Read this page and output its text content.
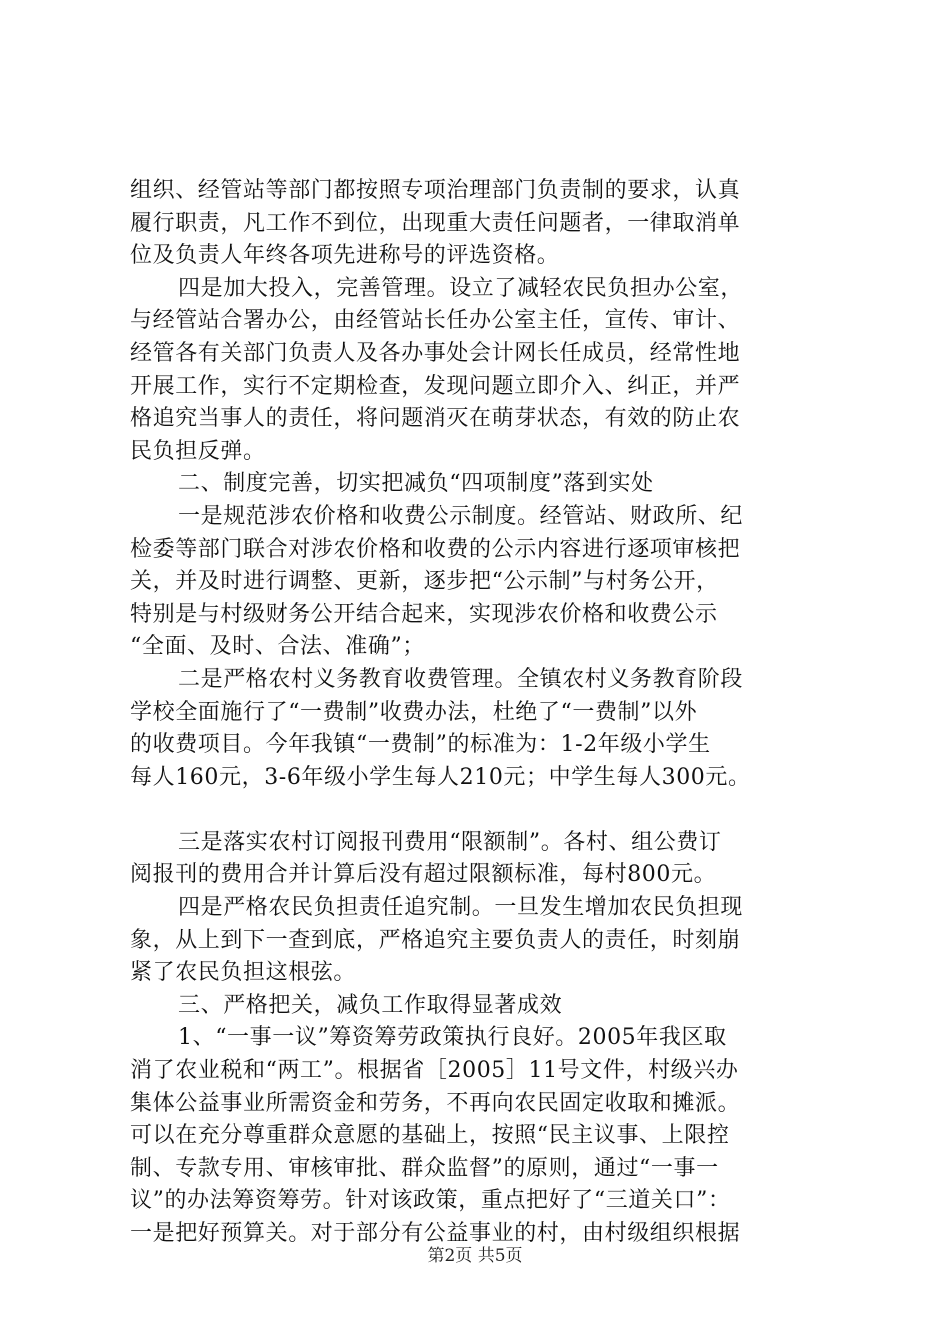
组织、经管站等部门都按照专项治理部门负责制的要求，认真
履行职责，凡工作不到位，出现重大责任问题者，一律取消单
位及负责人年终各项先进称号的评选资格。
四是加大投入，完善管理。设立了减轻农民负担办公室，
与经管站合署办公，由经管站长任办公室主任，宣传、审计、
经管各有关部门负责人及各办事处会计网长任成员，经常性地
开展工作，实行不定期检查，发现问题立即介入、纠正，并严
格追究当事人的责任，将问题消灭在萌芽状态，有效的防止农
民负担反弹。
二、制度完善，切实把减负“四项制度”落到实处
一是规范涉农价格和收费公示制度。经管站、财政所、纪
检委等部门联合对涉农价格和收费的公示内容进行逐项审核把
关，并及时进行调整、更新，逐步把“公示制”与村务公开，
特别是与村级财务公开结合起来，实现涉农价格和收费公示
“全面、及时、合法、准确”；
二是严格农村义务教育收费管理。全镇农村义务教育阶段
学校全面施行了“一费制”收费办法，杜绝了“一费制”以外
的收费项目。今年我镇“一费制”的标准为：1-2年级小学生
每人160元，3-6年级小学生每人210元；中学生每人300元。
三是落实农村订阅报刊费用“限额制”。各村、组公费订
阅报刊的费用合并计算后没有超过限额标准，每村800元。
四是严格农民负担责任追究制。一旦发生增加农民负担现
象，从上到下一查到底，严格追究主要负责人的责任，时刻崩
紧了农民负担这根弦。
三、严格把关，减负工作取得显著成效
1、“一事一议”筹资筹劳政策执行良好。2005年我区取
消了农业税和“两工”。根据省［2005］11号文件，村级兴办
集体公益事业所需资金和劳务，不再向农民固定收取和摊派。
可以在充分尊重群众意愿的基础上，按照“民主议事、上限控
制、专款专用、审核审批、群众监督”的原则，通过“一事一
议”的办法筹资筹劳。针对该政策，重点把好了“三道关口”：
一是把好预算关。对于部分有公益事业的村，由村级组织根据
第2页 共5页
